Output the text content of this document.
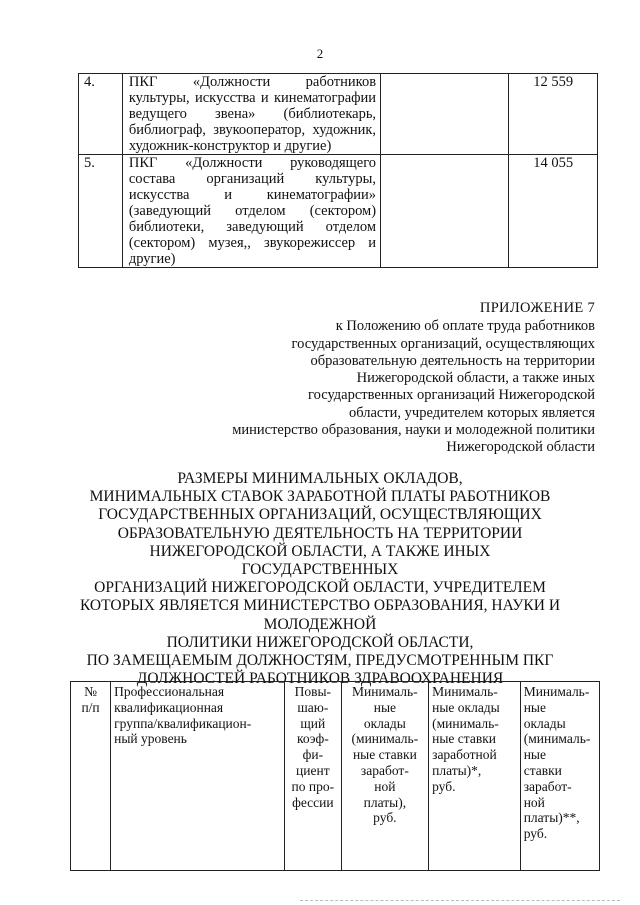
2
4.	ПКГ «Должности работников культуры, искусства и кинематографии ведущего звена» (библиотекарь, библиограф, звукооператор, художник, художник-конструктор и другие)		12 559
5.	ПКГ «Должности руководящего состава организаций культуры, искусства и кинематографии» (заведующий отделом (сектором) библиотеки, заведующий отделом (сектором) музея,, звукорежиссер и другие)		14 055
ПРИЛОЖЕНИЕ 7
к Положению об оплате труда работников
государственных организаций, осуществляющих
образовательную деятельность на территории
Нижегородской области, а также иных
государственных организаций Нижегородской
области, учредителем которых является
министерство образования, науки и молодежной политики
Нижегородской области
РАЗМЕРЫ МИНИМАЛЬНЫХ ОКЛАДОВ,
МИНИМАЛЬНЫХ СТАВОК ЗАРАБОТНОЙ ПЛАТЫ РАБОТНИКОВ
ГОСУДАРСТВЕННЫХ ОРГАНИЗАЦИЙ, ОСУЩЕСТВЛЯЮЩИХ
ОБРАЗОВАТЕЛЬНУЮ ДЕЯТЕЛЬНОСТЬ НА ТЕРРИТОРИИ
НИЖЕГОРОДСКОЙ ОБЛАСТИ, А ТАКЖЕ ИНЫХ ГОСУДАРСТВЕННЫХ
ОРГАНИЗАЦИЙ НИЖЕГОРОДСКОЙ ОБЛАСТИ, УЧРЕДИТЕЛЕМ
КОТОРЫХ ЯВЛЯЕТСЯ МИНИСТЕРСТВО ОБРАЗОВАНИЯ, НАУКИ И
МОЛОДЕЖНОЙ
ПОЛИТИКИ НИЖЕГОРОДСКОЙ ОБЛАСТИ,
ПО ЗАМЕЩАЕМЫМ ДОЛЖНОСТЯМ, ПРЕДУСМОТРЕННЫМ ПКГ
ДОЛЖНОСТЕЙ РАБОТНИКОВ ЗДРАВООХРАНЕНИЯ
№
п/п

Профессиональная
квалификационная
группа/квалификацион-
ный уровень

Повы-
шаю-
щий
коэф-
фи-
циент
по про-
фессии

Минималь-
ные
оклады
(минималь-
ные ставки
заработ-
ной
платы),
руб.

Минималь-
ные оклады
(минималь-
ные ставки
заработной
платы)*,
руб.

Минималь-
ные
оклады
(минималь-
ные
ставки
заработ-
ной
платы)**,
руб.
